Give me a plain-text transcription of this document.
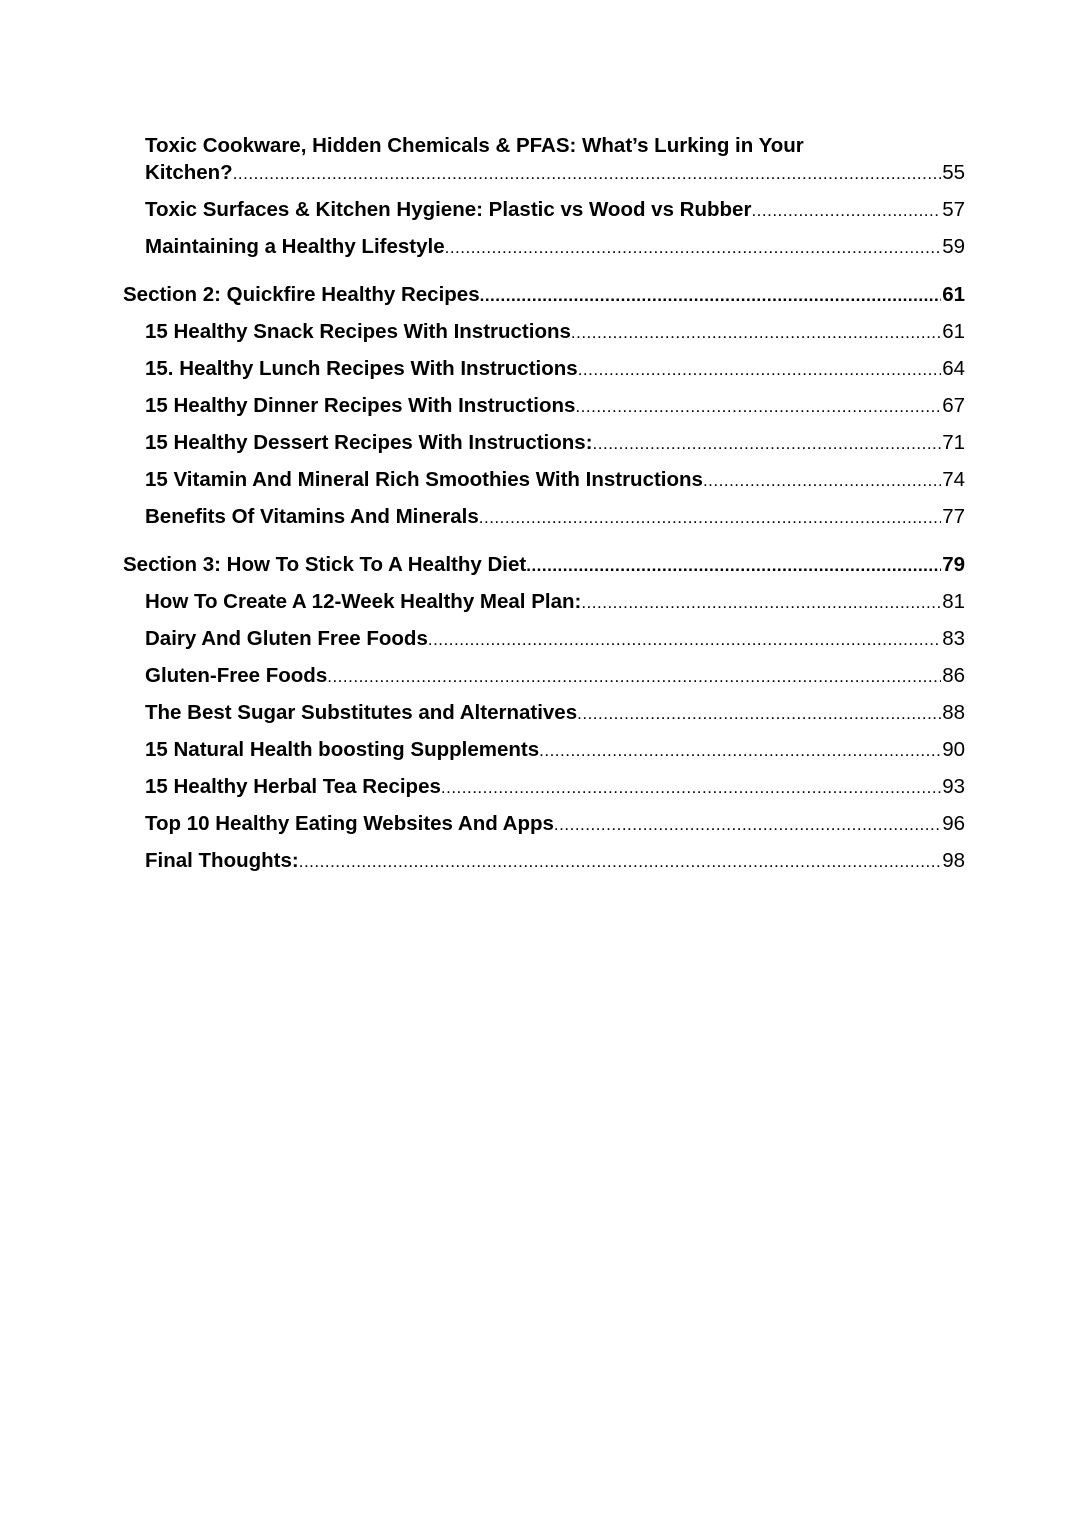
Toxic Cookware, Hidden Chemicals & PFAS: What’s Lurking in Your
Kitchen? .....	55
Toxic Surfaces & Kitchen Hygiene: Plastic vs Wood vs Rubber .....	57
Maintaining a Healthy Lifestyle .....	59
Section 2: Quickfire Healthy Recipes .....	61
15 Healthy Snack Recipes With Instructions .....	61
15. Healthy Lunch Recipes With Instructions .....	64
15 Healthy Dinner Recipes With Instructions .....	67
15 Healthy Dessert Recipes With Instructions: .....	71
15 Vitamin And Mineral Rich Smoothies With Instructions .....	74
Benefits Of Vitamins And Minerals .....	77
Section 3: How To Stick To A Healthy Diet .....	79
How To Create A 12-Week Healthy Meal Plan: .....	81
Dairy And Gluten Free Foods .....	83
Gluten-Free Foods .....	86
The Best Sugar Substitutes and Alternatives .....	88
15 Natural Health boosting Supplements .....	90
15 Healthy Herbal Tea Recipes .....	93
Top 10 Healthy Eating Websites And Apps .....	96
Final Thoughts: .....	98
